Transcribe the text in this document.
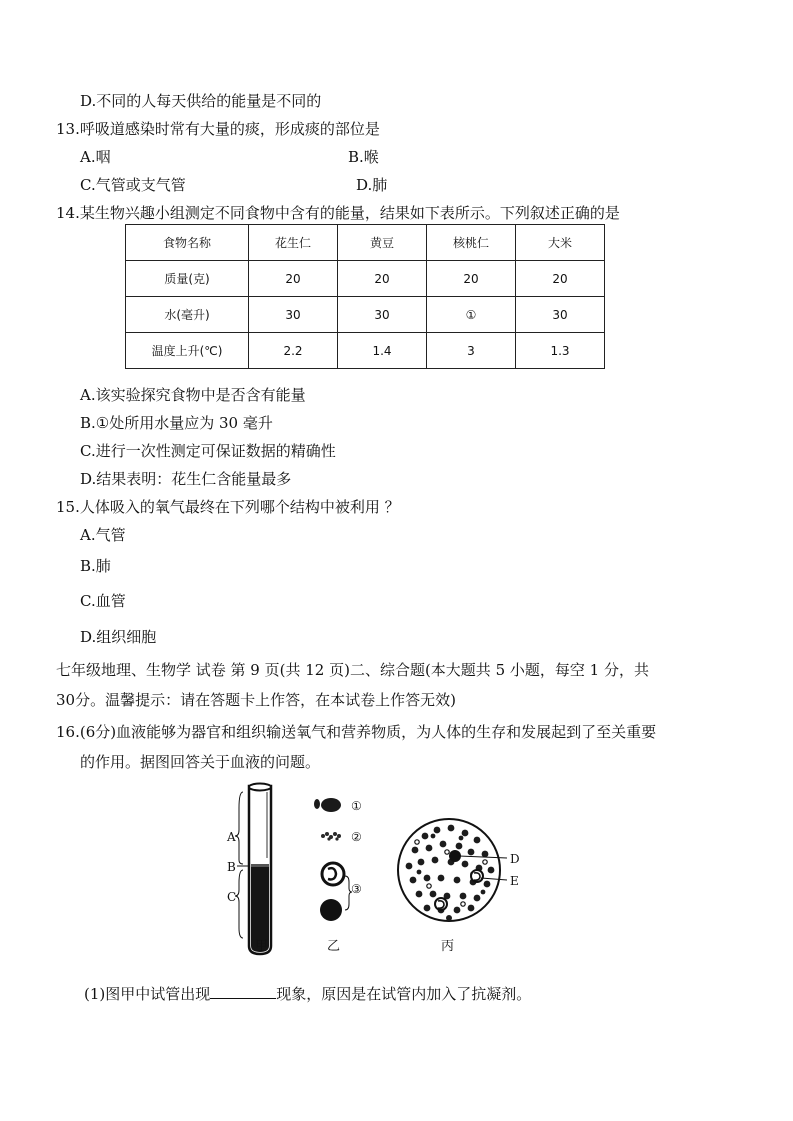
D.不同的人每天供给的能量是不同的
13.呼吸道感染时常有大量的痰，形成痰的部位是
A.咽	B.喉
C.气管或支气管	D.肺
14.某生物兴趣小组测定不同食物中含有的能量，结果如下表所示。下列叙述正确的是
食物名称	花生仁	黄豆	核桃仁	大米
质量(克)	20	20	20	20
水(毫升)	30	30	①	30
温度上升(℃)	2.2	1.4	3	1.3
A.该实验探究食物中是否含有能量
B.①处所用水量应为 30 毫升
C.进行一次性测定可保证数据的精确性
D.结果表明：花生仁含能量最多
15.人体吸入的氧气最终在下列哪个结构中被利用 ？
A.气管
B.肺
C.血管
D.组织细胞
七年级地理、生物学 试卷 第 9 页(共 12 页)二、综合题(本大题共 5 小题，每空 1 分，共
30分。温馨提示：请在答题卡上作答，在本试卷上作答无效)
16.(6分)血液能够为器官和组织输送氧气和营养物质，为人体的生存和发展起到了至关重要
的作用。据图回答关于血液的问题。
A
B
C
甲
①
②
③
乙
D
E
丙
(1)图甲中试管出现	现象，原因是在试管内加入了抗凝剂。
